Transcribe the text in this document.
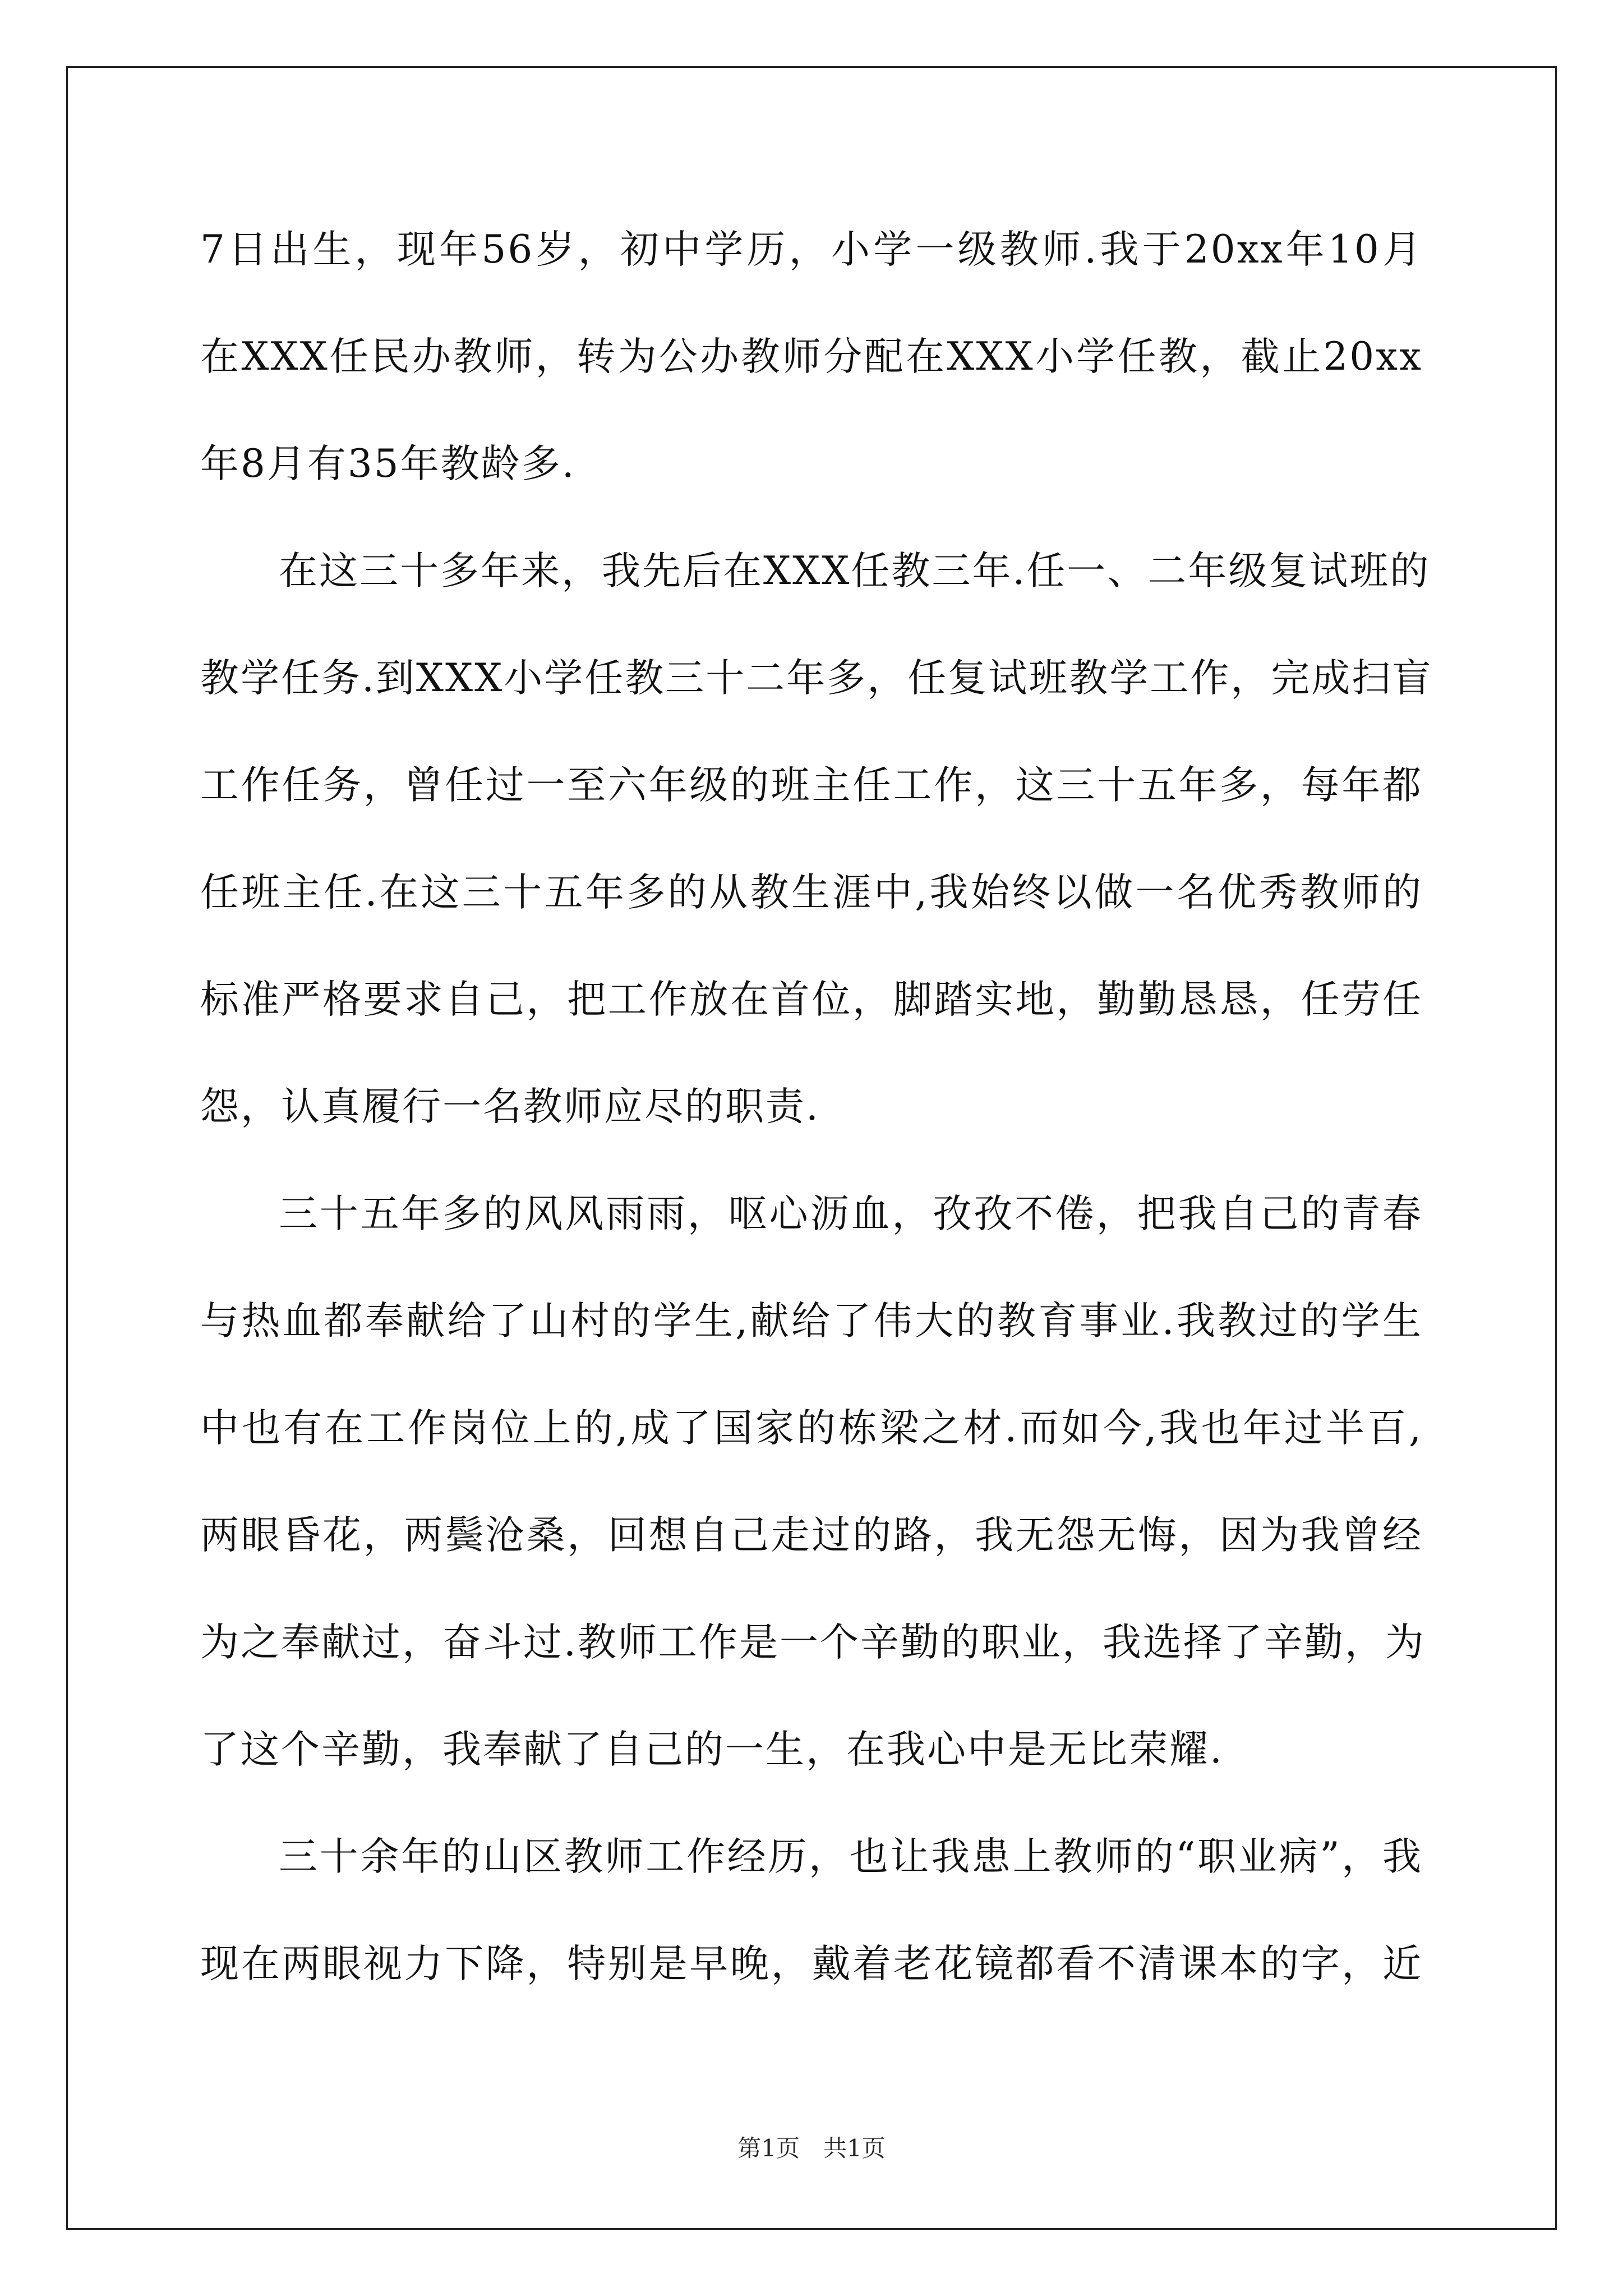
7日出生，现年56岁，初中学历，小学一级教师.我于20xx年10月
在XXX任民办教师，转为公办教师分配在XXX小学任教，截止20xx
年8月有35年教龄多.
在这三十多年来，我先后在XXX任教三年.任一、二年级复试班的
教学任务.到XXX小学任教三十二年多，任复试班教学工作，完成扫盲
工作任务，曾任过一至六年级的班主任工作，这三十五年多，每年都
任班主任.在这三十五年多的从教生涯中,我始终以做一名优秀教师的
标准严格要求自己，把工作放在首位，脚踏实地，勤勤恳恳，任劳任
怨，认真履行一名教师应尽的职责.
三十五年多的风风雨雨，呕心沥血，孜孜不倦，把我自己的青春
与热血都奉献给了山村的学生,献给了伟大的教育事业.我教过的学生
中也有在工作岗位上的,成了国家的栋梁之材.而如今,我也年过半百,
两眼昏花，两鬓沧桑，回想自己走过的路，我无怨无悔，因为我曾经
为之奉献过，奋斗过.教师工作是一个辛勤的职业，我选择了辛勤，为
了这个辛勤，我奉献了自己的一生，在我心中是无比荣耀.
三十余年的山区教师工作经历，也让我患上教师的“职业病”，我
现在两眼视力下降，特别是早晚，戴着老花镜都看不清课本的字，近
第1页　共1页
